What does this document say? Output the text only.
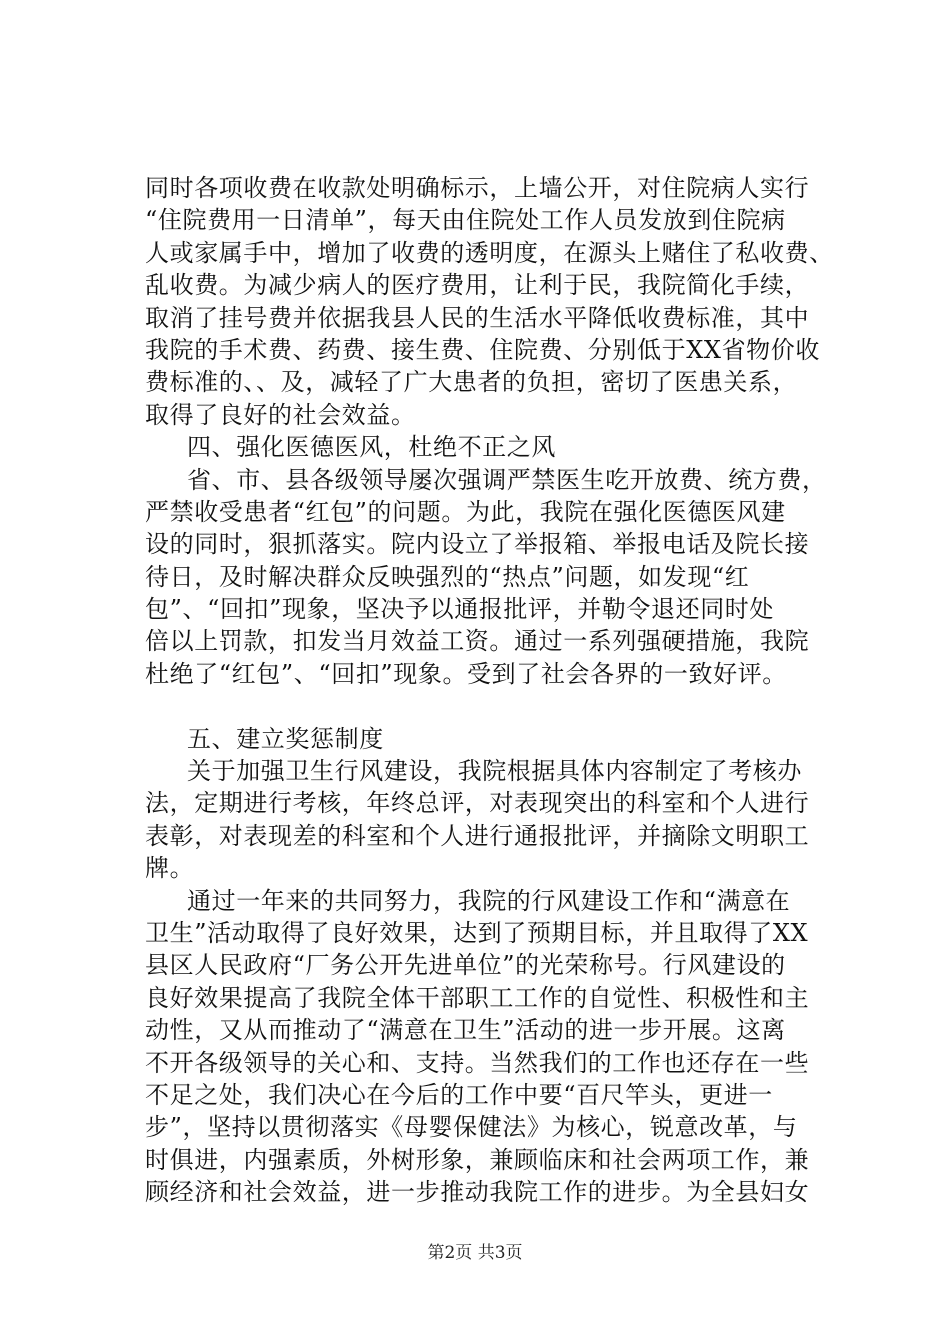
同时各项收费在收款处明确标示，上墙公开，对住院病人实行
“住院费用一日清单”，每天由住院处工作人员发放到住院病
人或家属手中，增加了收费的透明度，在源头上赌住了私收费、
乱收费。为减少病人的医疗费用，让利于民，我院简化手续，
取消了挂号费并依据我县人民的生活水平降低收费标准，其中
我院的手术费、药费、接生费、住院费、分别低于XX省物价收
费标准的、、及，减轻了广大患者的负担，密切了医患关系，
取得了良好的社会效益。
四、强化医德医风，杜绝不正之风
省、市、县各级领导屡次强调严禁医生吃开放费、统方费，
严禁收受患者“红包”的问题。为此，我院在强化医德医风建
设的同时，狠抓落实。院内设立了举报箱、举报电话及院长接
待日，及时解决群众反映强烈的“热点”问题，如发现“红
包”、“回扣”现象，坚决予以通报批评，并勒令退还同时处
倍以上罚款，扣发当月效益工资。通过一系列强硬措施，我院
杜绝了“红包”、“回扣”现象。受到了社会各界的一致好评。
五、建立奖惩制度
关于加强卫生行风建设，我院根据具体内容制定了考核办
法，定期进行考核，年终总评，对表现突出的科室和个人进行
表彰，对表现差的科室和个人进行通报批评，并摘除文明职工
牌。
通过一年来的共同努力，我院的行风建设工作和“满意在
卫生”活动取得了良好效果，达到了预期目标，并且取得了XX
县区人民政府“厂务公开先进单位”的光荣称号。行风建设的
良好效果提高了我院全体干部职工工作的自觉性、积极性和主
动性，又从而推动了“满意在卫生”活动的进一步开展。这离
不开各级领导的关心和、支持。当然我们的工作也还存在一些
不足之处，我们决心在今后的工作中要“百尺竿头，更进一
步”，坚持以贯彻落实《母婴保健法》为核心，锐意改革，与
时俱进，内强素质，外树形象，兼顾临床和社会两项工作，兼
顾经济和社会效益，进一步推动我院工作的进步。为全县妇女
第2页 共3页
